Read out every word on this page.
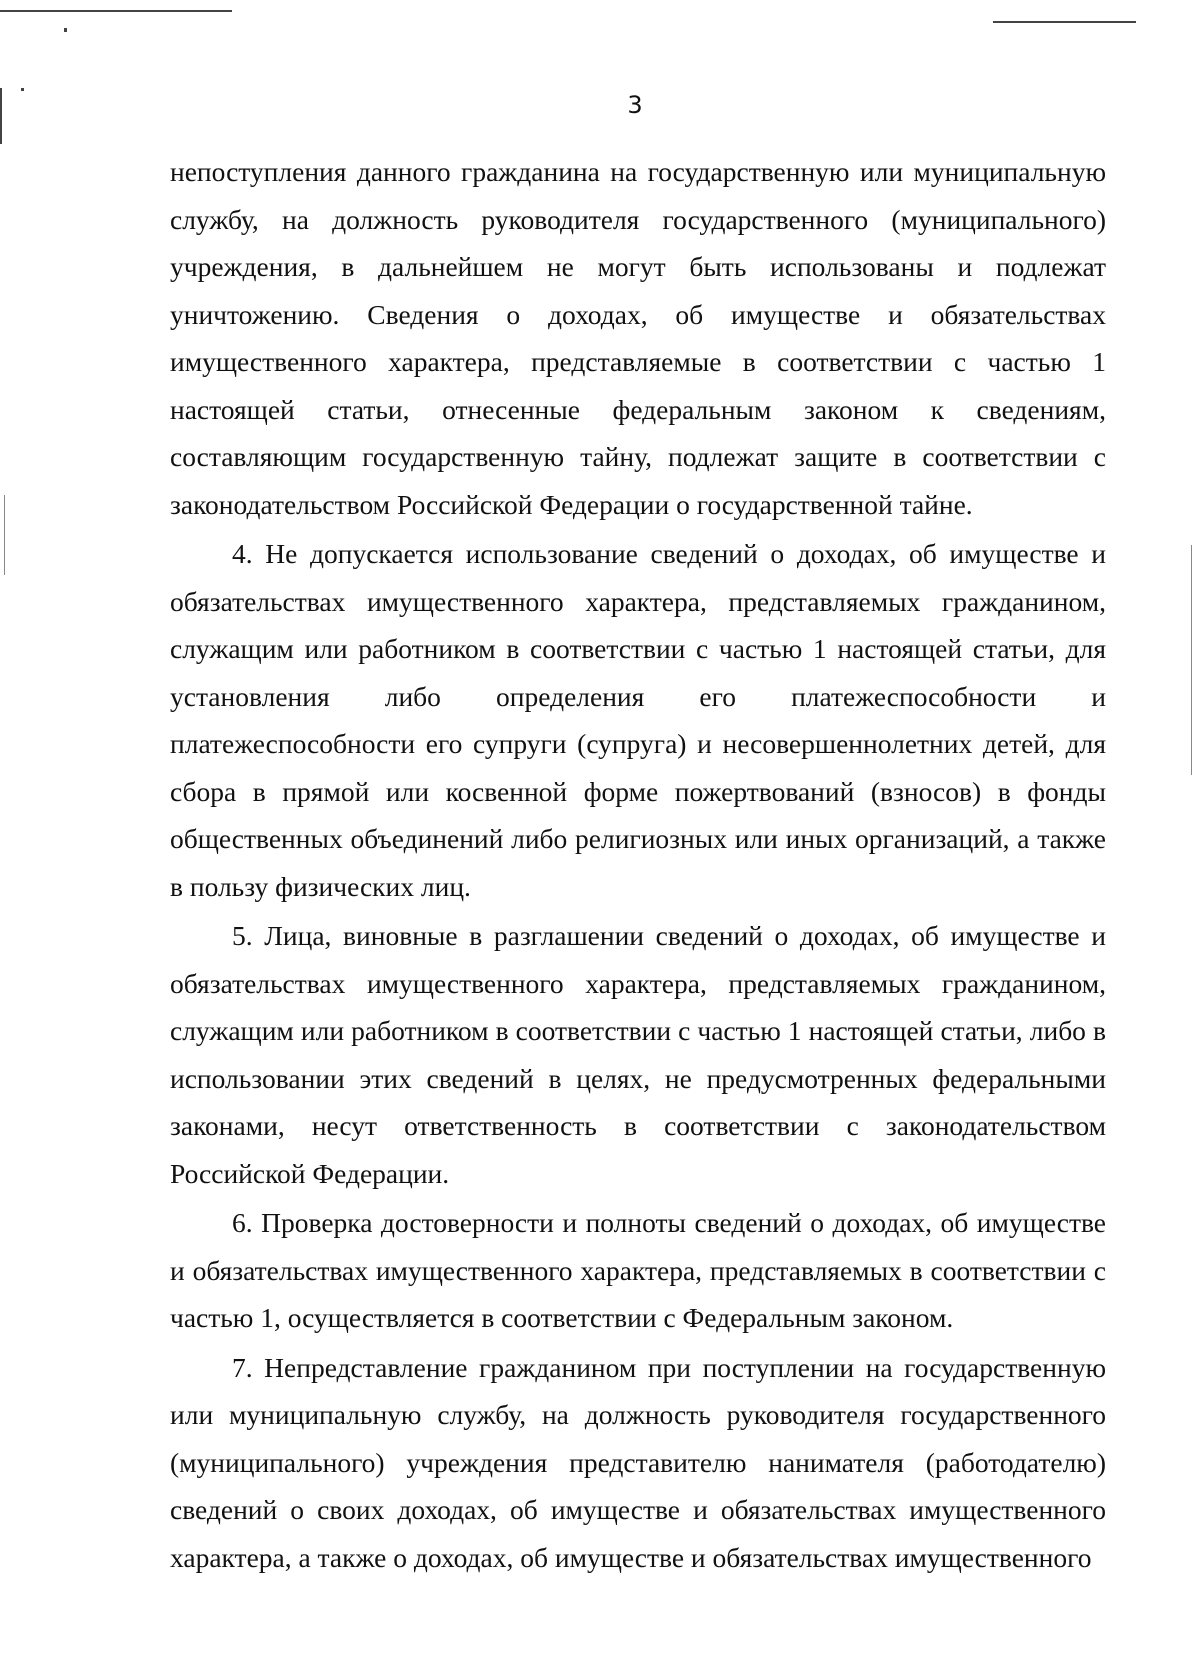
3

непоступления данного гражданина на государственную или муниципальную службу, на должность руководителя государственного (муниципального) учреждения, в дальнейшем не могут быть использованы и подлежат уничтожению. Сведения о доходах, об имуществе и обязательствах имущественного характера, представляемые в соответствии с частью 1 настоящей статьи, отнесенные федеральным законом к сведениям, составляющим государственную тайну, подлежат защите в соответствии с законодательством Российской Федерации о государственной тайне.

4. Не допускается использование сведений о доходах, об имуществе и обязательствах имущественного характера, представляемых гражданином, служащим или работником в соответствии с частью 1 настоящей статьи, для установления либо определения его платежеспособности и платежеспособности его супруги (супруга) и несовершеннолетних детей, для сбора в прямой или косвенной форме пожертвований (взносов) в фонды общественных объединений либо религиозных или иных организаций, а также в пользу физических лиц.

5. Лица, виновные в разглашении сведений о доходах, об имуществе и обязательствах имущественного характера, представляемых гражданином, служащим или работником в соответствии с частью 1 настоящей статьи, либо в использовании этих сведений в целях, не предусмотренных федеральными законами, несут ответственность в соответствии с законодательством Российской Федерации.

6. Проверка достоверности и полноты сведений о доходах, об имуществе и обязательствах имущественного характера, представляемых в соответствии с частью 1, осуществляется в соответствии с Федеральным законом.

7. Непредставление гражданином при поступлении на государственную или муниципальную службу, на должность руководителя государственного (муниципального) учреждения представителю нанимателя (работодателю) сведений о своих доходах, об имуществе и обязательствах имущественного характера, а также о доходах, об имуществе и обязательствах имущественного
